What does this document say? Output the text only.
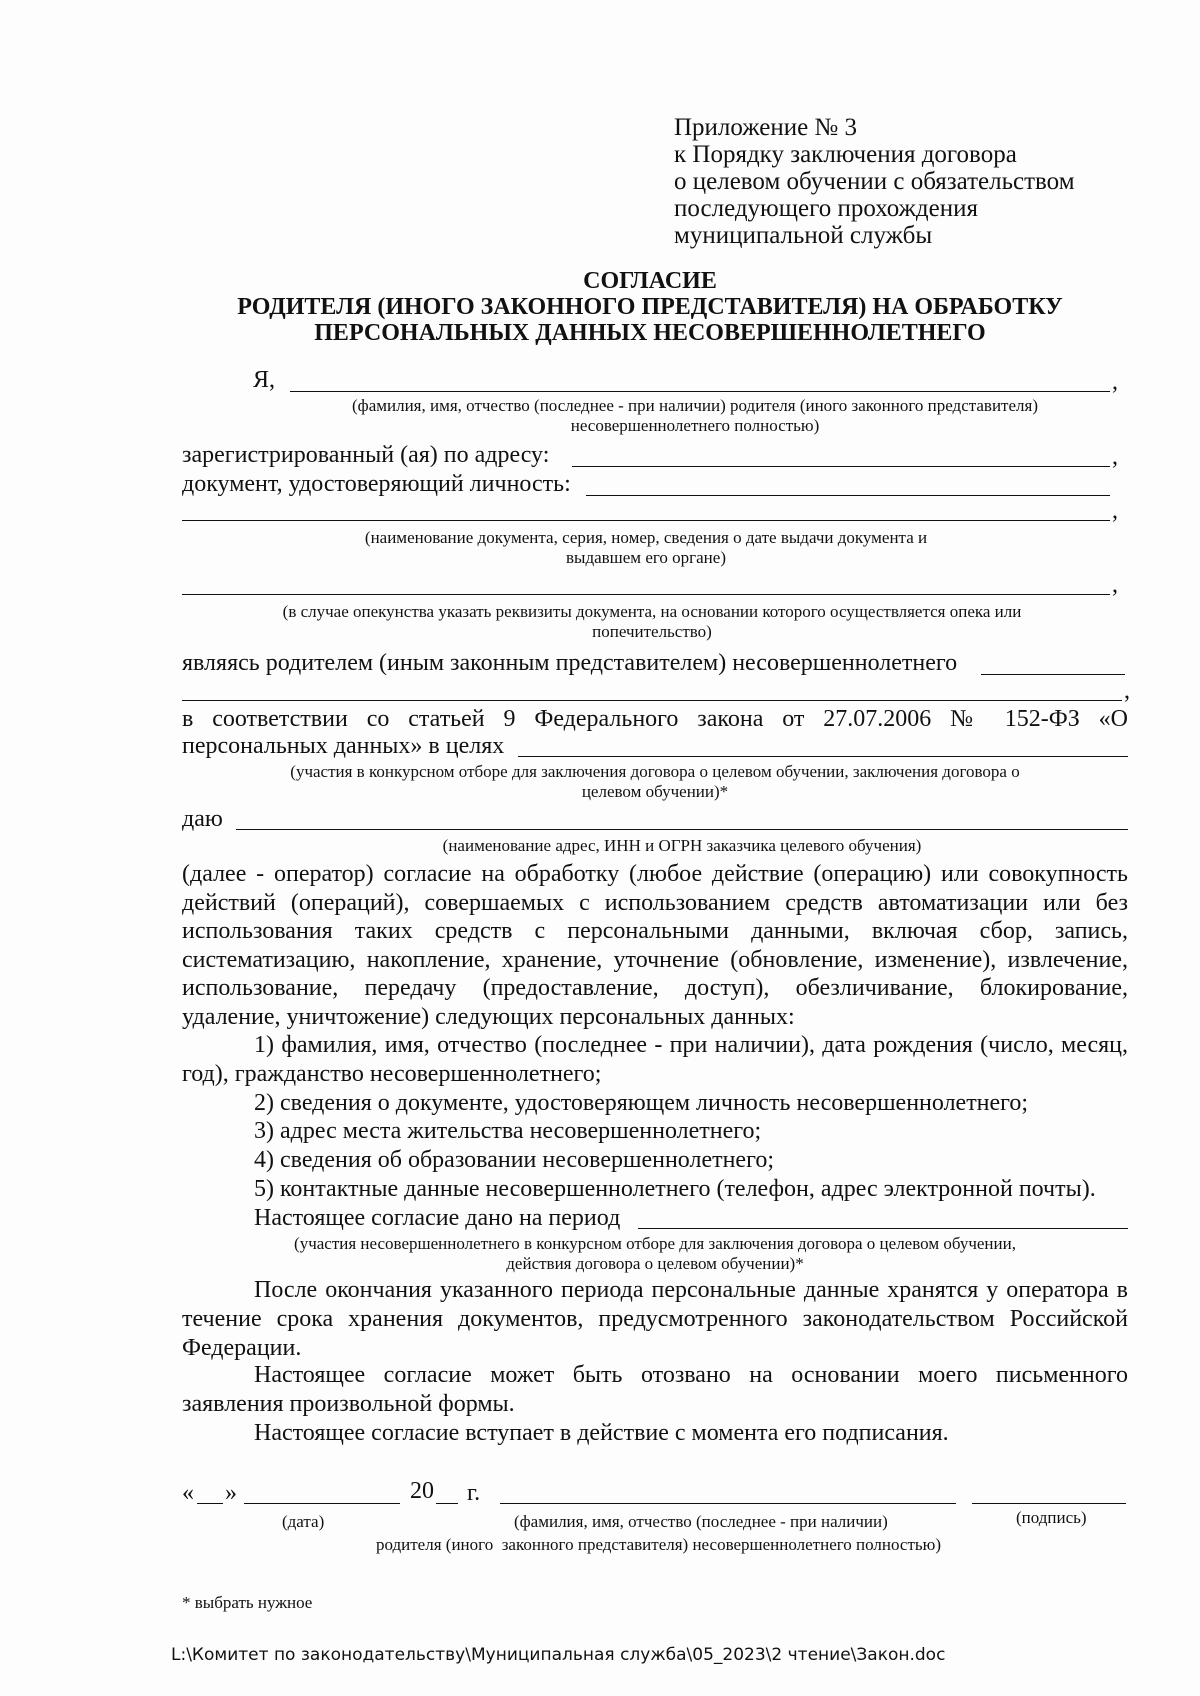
Приложение № 3
к Порядку заключения договора
о целевом обучении с обязательством
последующего прохождения
муниципальной службы
СОГЛАСИЕ
РОДИТЕЛЯ (ИНОГО ЗАКОННОГО ПРЕДСТАВИТЕЛЯ) НА ОБРАБОТКУ
ПЕРСОНАЛЬНЫХ ДАННЫХ НЕСОВЕРШЕННОЛЕТНЕГО
Я,	,
(фамилия, имя, отчество (последнее - при наличии) родителя (иного законного представителя)
несовершеннолетнего полностью)
зарегистрированный (ая) по адресу:	,
документ, удостоверяющий личность:
,
(наименование документа, серия, номер, сведения о дате выдачи документа и
выдавшем его органе)
,
(в случае опекунства указать реквизиты документа, на основании которого осуществляется опека или
попечительство)
являясь родителем (иным законным представителем) несовершеннолетнего
,
в соответствии со статьей 9 Федерального закона от 27.07.2006 № 152-ФЗ «О
персональных данных» в целях
(участия в конкурсном отборе для заключения договора о целевом обучении, заключения договора о
целевом обучении)*
даю
(наименование адрес, ИНН и ОГРН заказчика целевого обучения)
(далее - оператор) согласие на обработку (любое действие (операцию) или совокупность
действий (операций), совершаемых с использованием средств автоматизации или без
использования таких средств с персональными данными, включая сбор, запись,
систематизацию, накопление, хранение, уточнение (обновление, изменение), извлечение,
использование, передачу (предоставление, доступ), обезличивание, блокирование,
удаление, уничтожение) следующих персональных данных:
1) фамилия, имя, отчество (последнее - при наличии), дата рождения (число, месяц,
год), гражданство несовершеннолетнего;
2) сведения о документе, удостоверяющем личность несовершеннолетнего;
3) адрес места жительства несовершеннолетнего;
4) сведения об образовании несовершеннолетнего;
5) контактные данные несовершеннолетнего (телефон, адрес электронной почты).
Настоящее согласие дано на период
(участия несовершеннолетнего в конкурсном отборе для заключения договора о целевом обучении,
действия договора о целевом обучении)*
После окончания указанного периода персональные данные хранятся у оператора в
течение срока хранения документов, предусмотренного законодательством Российской
Федерации.
Настоящее согласие может быть отозвано на основании моего письменного
заявления произвольной формы.
Настоящее согласие вступает в действие с момента его подписания.
« »	20 г.
(дата)	(фамилия, имя, отчество (последнее - при наличии)	(подпись)
родителя (иного  законного представителя) несовершеннолетнего полностью)
* выбрать нужное
L:\Комитет по законодательству\Муниципальная служба\05_2023\2 чтение\Закон.doc
